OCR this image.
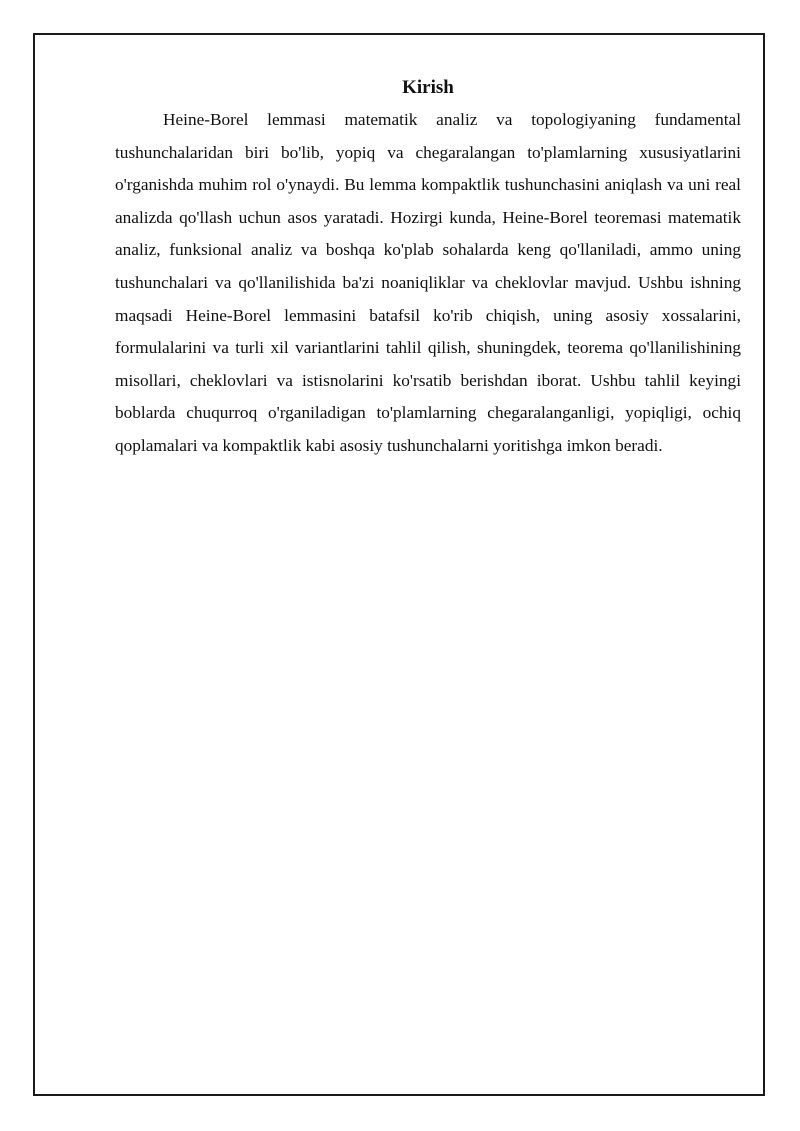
Kirish

Heine-Borel lemmasi matematik analiz va topologiyaning fundamental tushunchalaridan biri bo'lib, yopiq va chegaralangan to'plamlarning xususiyatlarini o'rganishda muhim rol o'ynaydi. Bu lemma kompaktlik tushunchasini aniqlash va uni real analizda qo'llash uchun asos yaratadi. Hozirgi kunda, Heine-Borel teoremasi matematik analiz, funksional analiz va boshqa ko'plab sohalarda keng qo'llaniladi, ammo uning tushunchalari va qo'llanilishida ba'zi noaniqliklar va cheklovlar mavjud. Ushbu ishning maqsadi Heine-Borel lemmasini batafsil ko'rib chiqish, uning asosiy xossalarini, formulalarini va turli xil variantlarini tahlil qilish, shuningdek, teorema qo'llanilishining misollari, cheklovlari va istisnolarini ko'rsatib berishdan iborat. Ushbu tahlil keyingi boblarda chuqurroq o'rganiladigan to'plamlarning chegaralanganligi, yopiqligi, ochiq qoplamalari va kompaktlik kabi asosiy tushunchalarni yoritishga imkon beradi.
